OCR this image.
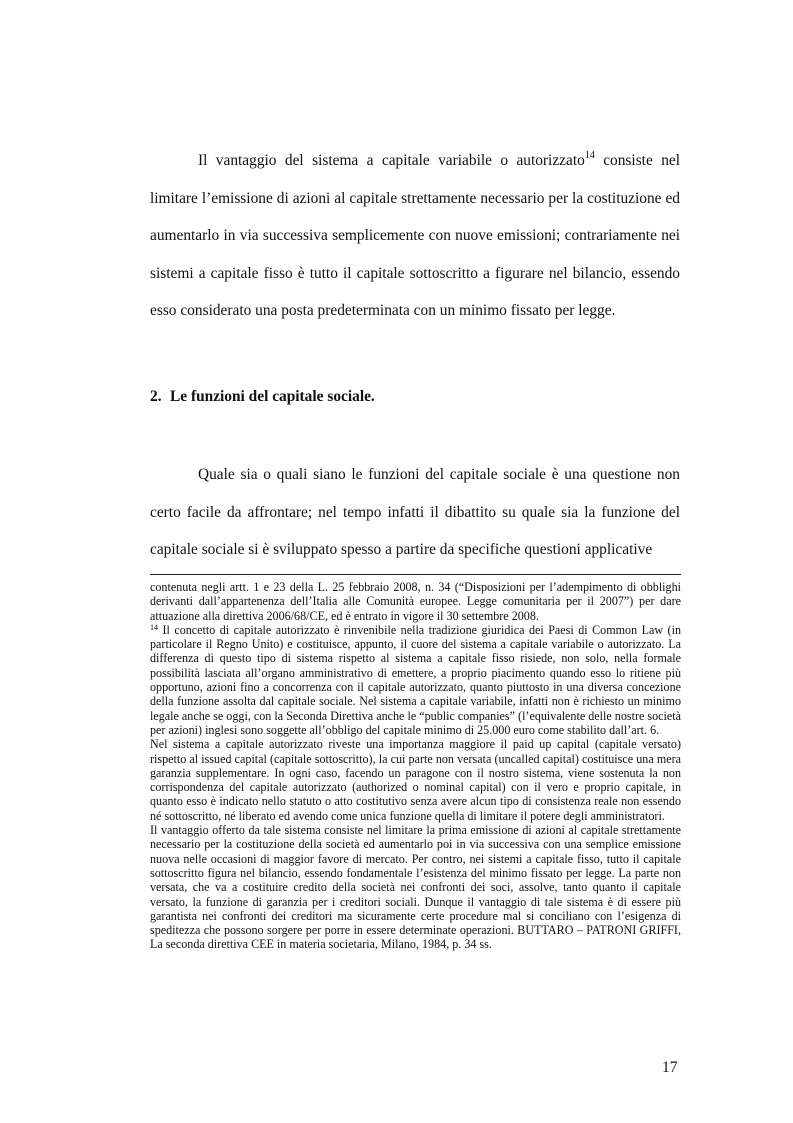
Il vantaggio del sistema a capitale variabile o autorizzato$^{14}$ consiste nel limitare l’emissione di azioni al capitale strettamente necessario per la costituzione ed aumentarlo in via successiva semplicemente con nuove emissioni; contrariamente nei sistemi a capitale fisso è tutto il capitale sottoscritto a figurare nel bilancio, essendo esso considerato una posta predeterminata con un minimo fissato per legge.

2. Le funzioni del capitale sociale.

Quale sia o quali siano le funzioni del capitale sociale è una questione non certo facile da affrontare; nel tempo infatti il dibattito su quale sia la funzione del capitale sociale si è sviluppato spesso a partire da specifiche questioni applicative

contenuta negli artt. 1 e 23 della L. 25 febbraio 2008, n. 34 (“Disposizioni per l’adempimento di obblighi derivanti dall’appartenenza dell’Italia alle Comunità europee. Legge comunitaria per il 2007”) per dare attuazione alla direttiva 2006/68/CE, ed è entrato in vigore il 30 settembre 2008.

$^{14}$ Il concetto di capitale autorizzato è rinvenibile nella tradizione giuridica dei Paesi di Common Law (in particolare il Regno Unito) e costituisce, appunto, il cuore del sistema a capitale variabile o autorizzato. La differenza di questo tipo di sistema rispetto al sistema a capitale fisso risiede, non solo, nella formale possibilità lasciata all’organo amministrativo di emettere, a proprio piacimento quando esso lo ritiene più opportuno, azioni fino a concorrenza con il capitale autorizzato, quanto piuttosto in una diversa concezione della funzione assolta dal capitale sociale. Nel sistema a capitale variabile, infatti non è richiesto un minimo legale anche se oggi, con la Seconda Direttiva anche le “public companies” (l’equivalente delle nostre società per azioni) inglesi sono soggette all’obbligo del capitale minimo di 25.000 euro come stabilito dall’art. 6.

Nel sistema a capitale autorizzato riveste una importanza maggiore il paid up capital (capitale versato) rispetto al issued capital (capitale sottoscritto), la cui parte non versata (uncalled capital) costituisce una mera garanzia supplementare. In ogni caso, facendo un paragone con il nostro sistema, viene sostenuta la non corrispondenza del capitale autorizzato (authorized o nominal capital) con il vero e proprio capitale, in quanto esso è indicato nello statuto o atto costitutivo senza avere alcun tipo di consistenza reale non essendo né sottoscritto, né liberato ed avendo come unica funzione quella di limitare il potere degli amministratori.

Il vantaggio offerto da tale sistema consiste nel limitare la prima emissione di azioni al capitale strettamente necessario per la costituzione della società ed aumentarlo poi in via successiva con una semplice emissione nuova nelle occasioni di maggior favore di mercato. Per contro, nei sistemi a capitale fisso, tutto il capitale sottoscritto figura nel bilancio, essendo fondamentale l’esistenza del minimo fissato per legge. La parte non versata, che va a costituire credito della società nei confronti dei soci, assolve, tanto quanto il capitale versato, la funzione di garanzia per i creditori sociali. Dunque il vantaggio di tale sistema è di essere più garantista nei confronti dei creditori ma sicuramente certe procedure mal si conciliano con l’esigenza di speditezza che possono sorgere per porre in essere determinate operazioni. BUTTARO – PATRONI GRIFFI, La seconda direttiva CEE in materia societaria, Milano, 1984, p. 34 ss.

17
